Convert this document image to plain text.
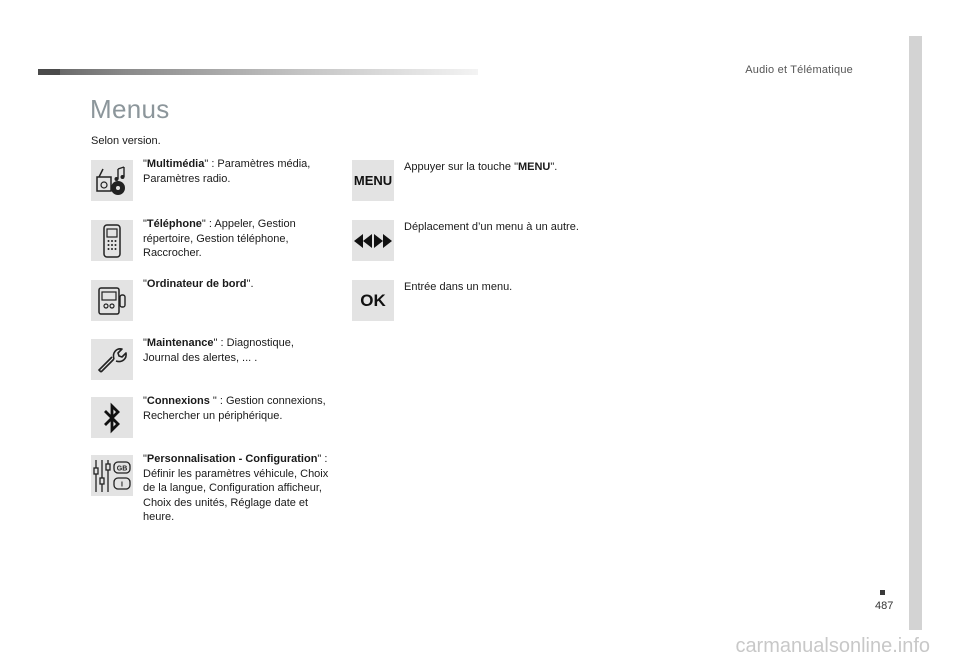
Audio et Télématique
487
Menus
Selon version.
"Multimédia" : Paramètres média, Paramètres radio.
"Téléphone" : Appeler, Gestion répertoire, Gestion téléphone, Raccrocher.
"Ordinateur de bord".
"Maintenance" : Diagnostique, Journal des alertes, ... .
"Connexions " : Gestion connexions, Rechercher un périphérique.
GB
I
"Personnalisation - Configuration" : Définir les paramètres véhicule, Choix de la langue, Configuration afficheur, Choix des unités, Réglage date et heure.
MENU
Appuyer sur la touche "MENU".
Déplacement d’un menu à un autre.
OK
Entrée dans un menu.
carmanualsonline.info
